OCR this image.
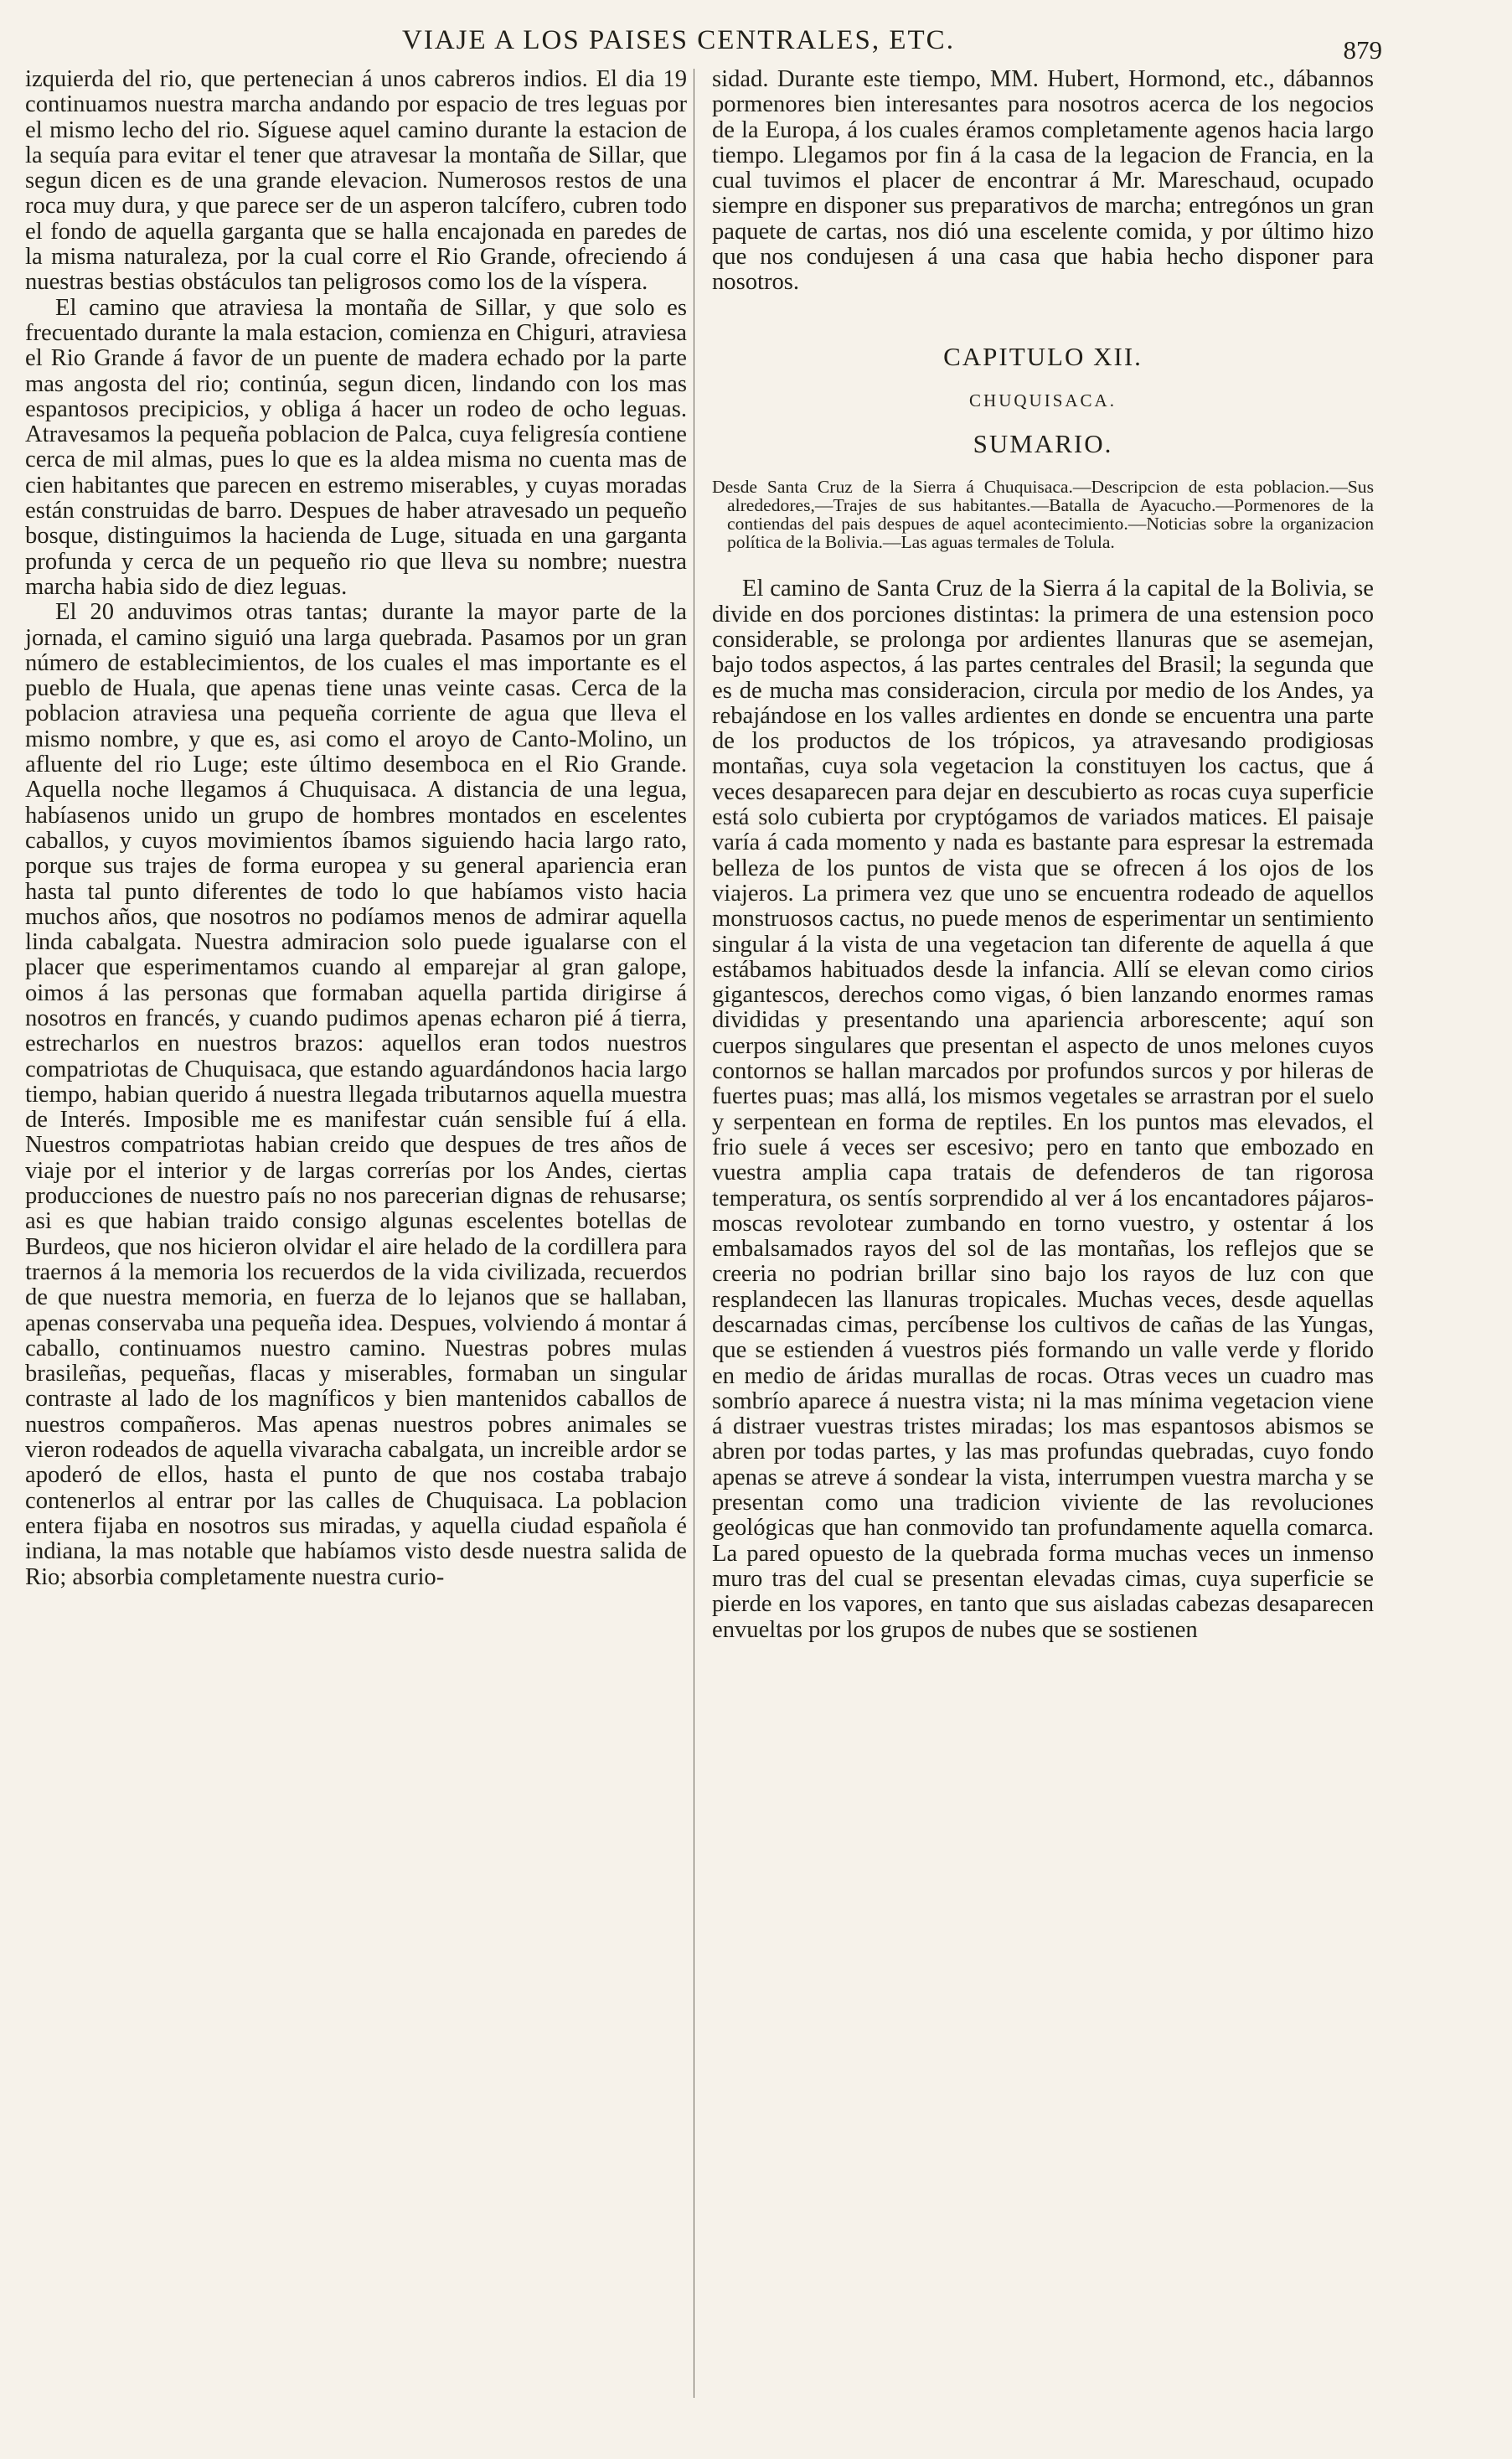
VIAJE A LOS PAISES CENTRALES, ETC.	879

izquierda del rio, que pertenecian á unos cabreros indios. El dia 19 continuamos nuestra marcha andando por espacio de tres leguas por el mismo lecho del rio. Síguese aquel camino durante la estacion de la sequía para evitar el tener que atravesar la montaña de Sillar, que segun dicen es de una grande elevacion. Numerosos restos de una roca muy dura, y que parece ser de un asperon talcífero, cubren todo el fondo de aquella garganta que se halla encajonada en paredes de la misma naturaleza, por la cual corre el Rio Grande, ofreciendo á nuestras bestias obstáculos tan peligrosos como los de la víspera.

El camino que atraviesa la montaña de Sillar, y que solo es frecuentado durante la mala estacion, comienza en Chiguri, atraviesa el Rio Grande á favor de un puente de madera echado por la parte mas angosta del rio; continúa, segun dicen, lindando con los mas espantosos precipicios, y obliga á hacer un rodeo de ocho leguas. Atravesamos la pequeña poblacion de Palca, cuya feligresía contiene cerca de mil almas, pues lo que es la aldea misma no cuenta mas de cien habitantes que parecen en estremo miserables, y cuyas moradas están construidas de barro. Despues de haber atravesado un pequeño bosque, distinguimos la hacienda de Luge, situada en una garganta profunda y cerca de un pequeño rio que lleva su nombre; nuestra marcha habia sido de diez leguas.

El 20 anduvimos otras tantas; durante la mayor parte de la jornada, el camino siguió una larga quebrada. Pasamos por un gran número de establecimientos, de los cuales el mas importante es el pueblo de Huala, que apenas tiene unas veinte casas. Cerca de la poblacion atraviesa una pequeña corriente de agua que lleva el mismo nombre, y que es, asi como el aroyo de Canto-Molino, un afluente del rio Luge; este último desemboca en el Rio Grande. Aquella noche llegamos á Chuquisaca. A distancia de una legua, habíasenos unido un grupo de hombres montados en escelentes caballos, y cuyos movimientos íbamos siguiendo hacia largo rato, porque sus trajes de forma europea y su general apariencia eran hasta tal punto diferentes de todo lo que habíamos visto hacia muchos años, que nosotros no podíamos menos de admirar aquella linda cabalgata. Nuestra admiracion solo puede igualarse con el placer que esperimentamos cuando al emparejar al gran galope, oimos á las personas que formaban aquella partida dirigirse á nosotros en francés, y cuando pudimos apenas echaron pié á tierra, estrecharlos en nuestros brazos: aquellos eran todos nuestros compatriotas de Chuquisaca, que estando aguardándonos hacia largo tiempo, habian querido á nuestra llegada tributarnos aquella muestra de Interés. Imposible me es manifestar cuán sensible fuí á ella. Nuestros compatriotas habian creido que despues de tres años de viaje por el interior y de largas correrías por los Andes, ciertas producciones de nuestro país no nos parecerian dignas de rehusarse; asi es que habian traido consigo algunas escelentes botellas de Burdeos, que nos hicieron olvidar el aire helado de la cordillera para traernos á la memoria los recuerdos de la vida civilizada, recuerdos de que nuestra memoria, en fuerza de lo lejanos que se hallaban, apenas conservaba una pequeña idea. Despues, volviendo á montar á caballo, continuamos nuestro camino. Nuestras pobres mulas brasileñas, pequeñas, flacas y miserables, formaban un singular contraste al lado de los magníficos y bien mantenidos caballos de nuestros compañeros. Mas apenas nuestros pobres animales se vieron rodeados de aquella vivaracha cabalgata, un increible ardor se apoderó de ellos, hasta el punto de que nos costaba trabajo contenerlos al entrar por las calles de Chuquisaca. La poblacion entera fijaba en nosotros sus miradas, y aquella ciudad española é indiana, la mas notable que habíamos visto desde nuestra salida de Rio; absorbia completamente nuestra curio-

sidad. Durante este tiempo, MM. Hubert, Hormond, etc., dábannos pormenores bien interesantes para nosotros acerca de los negocios de la Europa, á los cuales éramos completamente agenos hacia largo tiempo. Llegamos por fin á la casa de la legacion de Francia, en la cual tuvimos el placer de encontrar á Mr. Mareschaud, ocupado siempre en disponer sus preparativos de marcha; entregónos un gran paquete de cartas, nos dió una escelente comida, y por último hizo que nos condujesen á una casa que habia hecho disponer para nosotros.

CAPITULO XII.
CHUQUISACA.
SUMARIO.
Desde Santa Cruz de la Sierra á Chuquisaca.—Descripcion de esta poblacion.—Sus alrededores,—Trajes de sus habitantes.—Batalla de Ayacucho.—Pormenores de la contiendas del pais despues de aquel acontecimiento.—Noticias sobre la organizacion política de la Bolivia.—Las aguas termales de Tolula.

El camino de Santa Cruz de la Sierra á la capital de la Bolivia, se divide en dos porciones distintas: la primera de una estension poco considerable, se prolonga por ardientes llanuras que se asemejan, bajo todos aspectos, á las partes centrales del Brasil; la segunda que es de mucha mas consideracion, circula por medio de los Andes, ya rebajándose en los valles ardientes en donde se encuentra una parte de los productos de los trópicos, ya atravesando prodigiosas montañas, cuya sola vegetacion la constituyen los cactus, que á veces desaparecen para dejar en descubierto as rocas cuya superficie está solo cubierta por cryptógamos de variados matices. El paisaje varía á cada momento y nada es bastante para espresar la estremada belleza de los puntos de vista que se ofrecen á los ojos de los viajeros. La primera vez que uno se encuentra rodeado de aquellos monstruosos cactus, no puede menos de esperimentar un sentimiento singular á la vista de una vegetacion tan diferente de aquella á que estábamos habituados desde la infancia. Allí se elevan como cirios gigantescos, derechos como vigas, ó bien lanzando enormes ramas divididas y presentando una apariencia arborescente; aquí son cuerpos singulares que presentan el aspecto de unos melones cuyos contornos se hallan marcados por profundos surcos y por hileras de fuertes puas; mas allá, los mismos vegetales se arrastran por el suelo y serpentean en forma de reptiles. En los puntos mas elevados, el frio suele á veces ser escesivo; pero en tanto que embozado en vuestra amplia capa tratais de defenderos de tan rigorosa temperatura, os sentís sorprendido al ver á los encantadores pájaros-moscas revolotear zumbando en torno vuestro, y ostentar á los embalsamados rayos del sol de las montañas, los reflejos que se creeria no podrian brillar sino bajo los rayos de luz con que resplandecen las llanuras tropicales. Muchas veces, desde aquellas descarnadas cimas, percíbense los cultivos de cañas de las Yungas, que se estienden á vuestros piés formando un valle verde y florido en medio de áridas murallas de rocas. Otras veces un cuadro mas sombrío aparece á nuestra vista; ni la mas mínima vegetacion viene á distraer vuestras tristes miradas; los mas espantosos abismos se abren por todas partes, y las mas profundas quebradas, cuyo fondo apenas se atreve á sondear la vista, interrumpen vuestra marcha y se presentan como una tradicion viviente de las revoluciones geológicas que han conmovido tan profundamente aquella comarca. La pared opuesto de la quebrada forma muchas veces un inmenso muro tras del cual se presentan elevadas cimas, cuya superficie se pierde en los vapores, en tanto que sus aisladas cabezas desaparecen envueltas por los grupos de nubes que se sostienen
